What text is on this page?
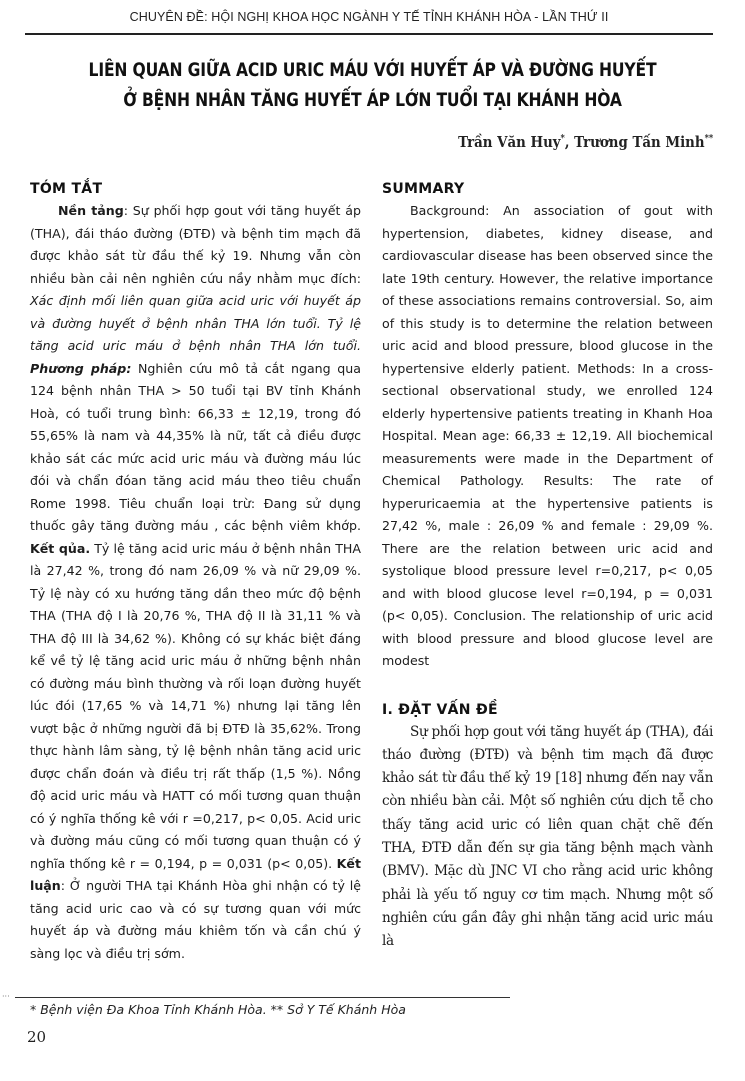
CHUYÊN ĐỀ: HỘI NGHỊ KHOA HỌC NGÀNH Y TẾ TỈNH KHÁNH HÒA - LẦN THỨ II
LIÊN QUAN GIỮA ACID URIC MÁU VỚI HUYẾT ÁP VÀ ĐƯỜNG HUYẾT
Ở BỆNH NHÂN TĂNG HUYẾT ÁP LỚN TUỔI TẠI KHÁNH HÒA
Trần Văn Huy*, Trương Tấn Minh**
TÓM TẮT

Nền tảng: Sự phối hợp gout với tăng huyết áp (THA), đái tháo đường (ĐTĐ) và bệnh tim mạch đã được khảo sát từ đầu thế kỷ 19. Nhưng vẫn còn nhiều bàn cải nên nghiên cứu nầy nhằm mục đích: Xác định mối liên quan giữa acid uric với huyết áp và đường huyết ở bệnh nhân THA lớn tuổi. Tỷ lệ tăng acid uric máu ở bệnh nhân THA lớn tuổi. Phương pháp: Nghiên cứu mô tả cắt ngang qua 124 bệnh nhân THA > 50 tuổi tại BV tỉnh Khánh Hoà, có tuổi trung bình: 66,33 ± 12,19, trong đó 55,65% là nam và 44,35% là nữ, tất cả điều được khảo sát các mức acid uric máu và đường máu lúc đói và chẩn đóan tăng acid máu theo tiêu chuẩn Rome 1998. Tiêu chuẩn loại trừ: Đang sử dụng thuốc gây tăng đường máu , các bệnh viêm khớp. Kết qủa. Tỷ lệ tăng acid uric máu ở bệnh nhân THA là 27,42 %, trong đó nam 26,09 % và nữ 29,09 %. Tỷ lệ này có xu hướng tăng dần theo mức độ bệnh THA (THA độ I là 20,76 %, THA độ II là 31,11 % và THA độ III là 34,62 %). Không có sự khác biệt đáng kể về tỷ lệ tăng acid uric máu ở những bệnh nhân có đường máu bình thường và rối loạn đường huyết lúc đói (17,65 % và 14,71 %) nhưng lại tăng lên vượt bậc ở những người đã bị ĐTĐ là 35,62%. Trong thực hành lâm sàng, tỷ lệ bệnh nhân tăng acid uric được chẩn đoán và điều trị rất thấp (1,5 %). Nồng độ acid uric máu và HATT có mối tương quan thuận có ý nghĩa thống kê với r =0,217, p< 0,05. Acid uric và đường máu cũng có mối tương quan thuận có ý nghĩa thống kê r = 0,194, p = 0,031 (p< 0,05). Kết luận: Ở người THA tại Khánh Hòa ghi nhận có tỷ lệ tăng acid uric cao và có sự tương quan với mức huyết áp và đường máu khiêm tốn và cần chú ý sàng lọc và điều trị sớm.

SUMMARY

Background: An association of gout with hypertension, diabetes, kidney disease, and cardiovascular disease has been observed since the late 19th century. However, the relative importance of these associations remains controversial. So, aim of this study is to determine the relation between uric acid and blood pressure, blood glucose in the hypertensive elderly patient. Methods: In a cross-sectional observational study, we enrolled 124 elderly hypertensive patients treating in Khanh Hoa Hospital. Mean age: 66,33 ± 12,19. All biochemical measurements were made in the Department of Chemical Pathology. Results: The rate of hyperuricaemia at the hypertensive patients is 27,42 %, male : 26,09 % and female : 29,09 %. There are the relation between uric acid and systolique blood pressure level r=0,217, p< 0,05 and with blood glucose level r=0,194, p = 0,031 (p< 0,05). Conclusion. The relationship of uric acid with blood pressure and blood glucose level are modest

I. ĐẶT VẤN ĐỀ

Sự phối hợp gout với tăng huyết áp (THA), đái tháo đường (ĐTĐ) và bệnh tim mạch đã được khảo sát từ đầu thế kỷ 19 [18] nhưng đến nay vẫn còn nhiều bàn cải. Một số nghiên cứu dịch tễ cho thấy tăng acid uric có liên quan chặt chẽ đến THA, ĐTĐ dẫn đến sự gia tăng bệnh mạch vành (BMV). Mặc dù JNC VI cho rằng acid uric không phải là yếu tố nguy cơ tim mạch. Nhưng một số nghiên cứu gần đây ghi nhận tăng acid uric máu là

···
* Bệnh viện Đa Khoa Tỉnh Khánh Hòa. ** Sở Y Tế Khánh Hòa
20
